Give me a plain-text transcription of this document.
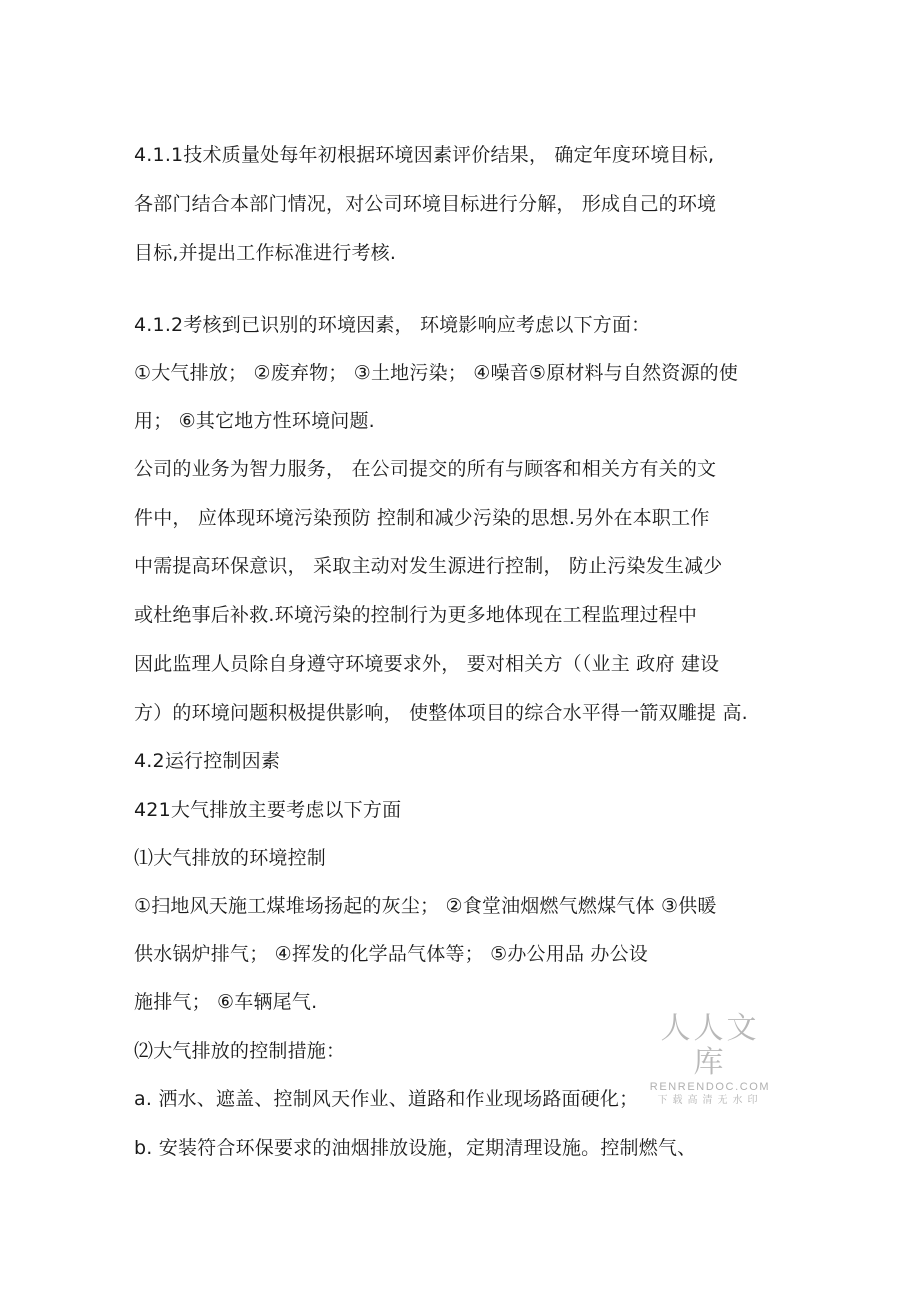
4.1.1技术质量处每年初根据环境因素评价结果， 确定年度环境目标,
各部门结合本部门情况，对公司环境目标进行分解， 形成自己的环境
目标,并提出工作标准进行考核.
4.1.2考核到已识别的环境因素， 环境影响应考虑以下方面：
①大气排放； ②废弃物； ③土地污染； ④噪音⑤原材料与自然资源的使
用； ⑥其它地方性环境问题.
公司的业务为智力服务， 在公司提交的所有与顾客和相关方有关的文
件中， 应体现环境污染预防 控制和减少污染的思想.另外在本职工作
中需提高环保意识， 采取主动对发生源进行控制， 防止污染发生减少
或杜绝事后补救.环境污染的控制行为更多地体现在工程监理过程中
因此监理人员除自身遵守环境要求外， 要对相关方（（业主 政府 建设
方）的环境问题积极提供影响， 使整体项目的综合水平得一箭双雕提 高.
4.2运行控制因素
421大气排放主要考虑以下方面
⑴大气排放的环境控制
①扫地风天施工煤堆场扬起的灰尘； ②食堂油烟燃气燃煤气体 ③供暖
供水锅炉排气； ④挥发的化学品气体等； ⑤办公用品 办公设
施排气； ⑥车辆尾气.
⑵大气排放的控制措施：
a. 洒水、遮盖、控制风天作业、道路和作业现场路面硬化；
b. 安装符合环保要求的油烟排放设施，定期清理设施。控制燃气、
人人文库
RENRENDOC.COM
下载高清无水印
